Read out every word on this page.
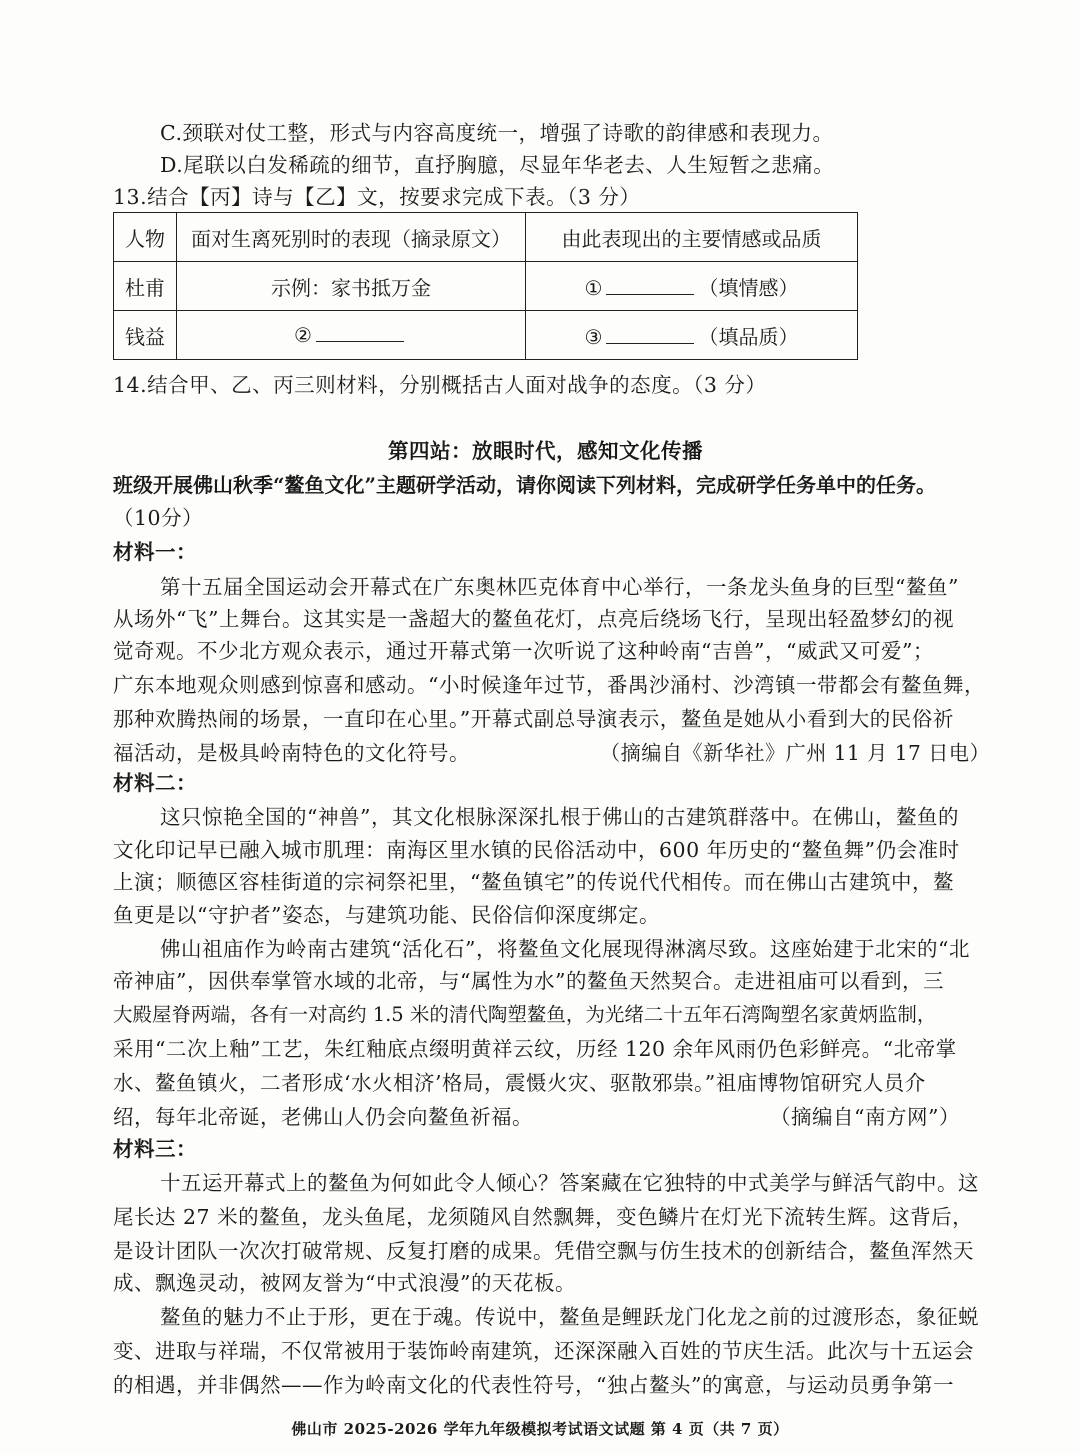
C.颈联对仗工整，形式与内容高度统一，增强了诗歌的韵律感和表现力。
D.尾联以白发稀疏的细节，直抒胸臆，尽显年华老去、人生短暂之悲痛。
13.结合【丙】诗与【乙】文，按要求完成下表。（3 分）
人物	面对生离死别时的表现（摘录原文）	由此表现出的主要情感或品质
杜甫	示例：家书抵万金	① （填情感）
钱益	②	③ （填品质）
14.结合甲、乙、丙三则材料，分别概括古人面对战争的态度。（3 分）
第四站：放眼时代，感知文化传播
班级开展佛山秋季“鳌鱼文化”主题研学活动，请你阅读下列材料，完成研学任务单中的任务。
（10分）
材料一：
第十五届全国运动会开幕式在广东奥林匹克体育中心举行，一条龙头鱼身的巨型“鳌鱼”
从场外“飞”上舞台。这其实是一盏超大的鳌鱼花灯，点亮后绕场飞行，呈现出轻盈梦幻的视
觉奇观。不少北方观众表示，通过开幕式第一次听说了这种岭南“吉兽”，“威武又可爱”；
广东本地观众则感到惊喜和感动。“小时候逢年过节，番禺沙涌村、沙湾镇一带都会有鳌鱼舞，
那种欢腾热闹的场景，一直印在心里。”开幕式副总导演表示，鳌鱼是她从小看到大的民俗祈
福活动，是极具岭南特色的文化符号。	（摘编自《新华社》广州 11 月 17 日电）
材料二：
这只惊艳全国的“神兽”，其文化根脉深深扎根于佛山的古建筑群落中。在佛山，鳌鱼的
文化印记早已融入城市肌理：南海区里水镇的民俗活动中，600 年历史的“鳌鱼舞”仍会准时
上演；顺德区容桂街道的宗祠祭祀里，“鳌鱼镇宅”的传说代代相传。而在佛山古建筑中，鳌
鱼更是以“守护者”姿态，与建筑功能、民俗信仰深度绑定。
佛山祖庙作为岭南古建筑“活化石”，将鳌鱼文化展现得淋漓尽致。这座始建于北宋的“北
帝神庙”，因供奉掌管水域的北帝，与“属性为水”的鳌鱼天然契合。走进祖庙可以看到，三
大殿屋脊两端，各有一对高约 1.5 米的清代陶塑鳌鱼，为光绪二十五年石湾陶塑名家黄炳监制，
采用“二次上釉”工艺，朱红釉底点缀明黄祥云纹，历经 120 余年风雨仍色彩鲜亮。“北帝掌
水、鳌鱼镇火，二者形成‘水火相济’格局，震慑火灾、驱散邪祟。”祖庙博物馆研究人员介
绍，每年北帝诞，老佛山人仍会向鳌鱼祈福。	（摘编自“南方网”）
材料三：
十五运开幕式上的鳌鱼为何如此令人倾心？答案藏在它独特的中式美学与鲜活气韵中。这
尾长达 27 米的鳌鱼，龙头鱼尾，龙须随风自然飘舞，变色鳞片在灯光下流转生辉。这背后，
是设计团队一次次打破常规、反复打磨的成果。凭借空飘与仿生技术的创新结合，鳌鱼浑然天
成、飘逸灵动，被网友誉为“中式浪漫”的天花板。
鳌鱼的魅力不止于形，更在于魂。传说中，鳌鱼是鲤跃龙门化龙之前的过渡形态，象征蜕
变、进取与祥瑞，不仅常被用于装饰岭南建筑，还深深融入百姓的节庆生活。此次与十五运会
的相遇，并非偶然——作为岭南文化的代表性符号，“独占鳌头”的寓意，与运动员勇争第一
佛山市 2025-2026 学年九年级模拟考试语文试题 第 4 页（共 7 页）
